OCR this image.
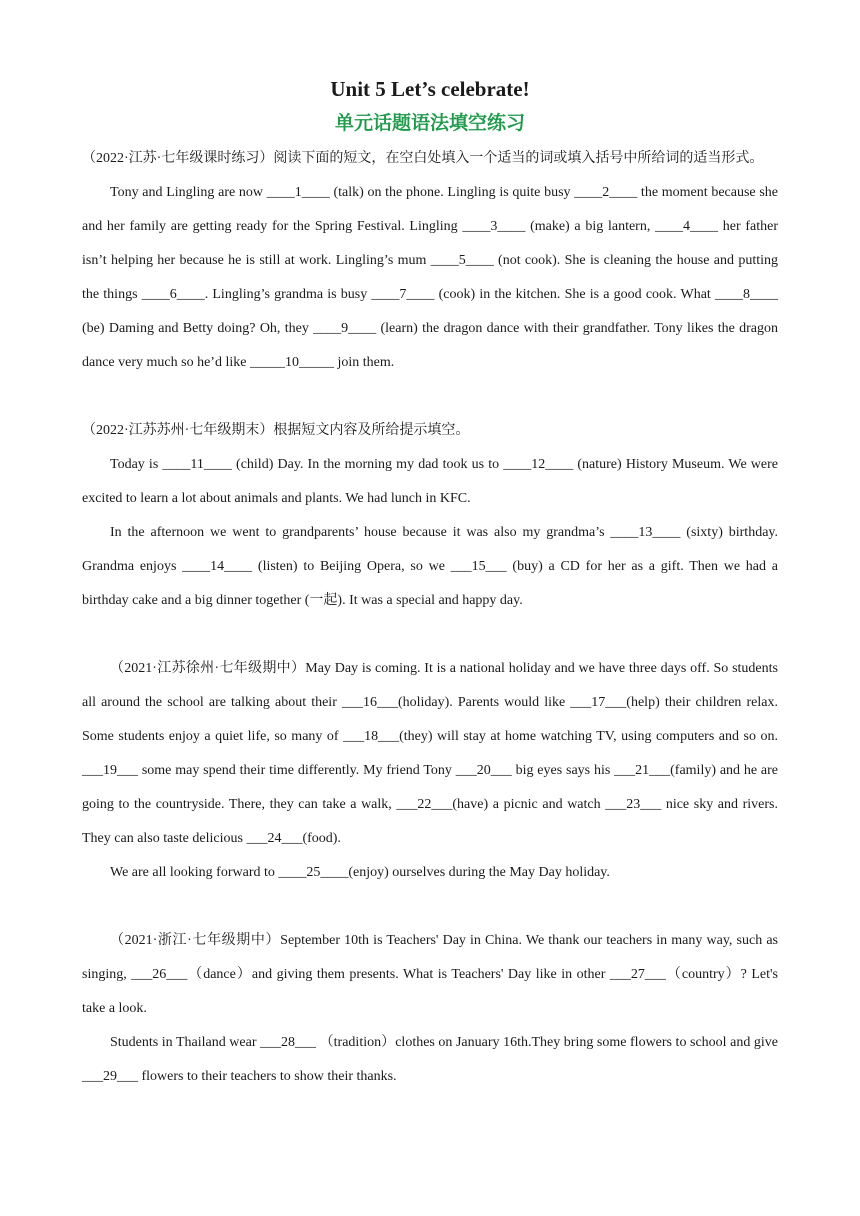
Unit 5 Let’s celebrate!
单元话题语法填空练习

（2022·江苏·七年级课时练习）阅读下面的短文，在空白处填入一个适当的词或填入括号中所给词的适当形式。

Tony and Lingling are now ____1____ (talk) on the phone. Lingling is quite busy ____2____ the moment because she and her family are getting ready for the Spring Festival. Lingling ____3____ (make) a big lantern, ____4____ her father isn’t helping her because he is still at work. Lingling’s mum ____5____ (not cook). She is cleaning the house and putting the things ____6____. Lingling’s grandma is busy ____7____ (cook) in the kitchen. She is a good cook. What ____8____ (be) Daming and Betty doing? Oh, they ____9____ (learn) the dragon dance with their grandfather. Tony likes the dragon dance very much so he’d like _____10_____ join them.

（2022·江苏苏州·七年级期末）根据短文内容及所给提示填空。

Today is ____11____ (child) Day. In the morning my dad took us to ____12____ (nature) History Museum. We were excited to learn a lot about animals and plants. We had lunch in KFC.

In the afternoon we went to grandparents’ house because it was also my grandma’s ____13____ (sixty) birthday. Grandma enjoys ____14____ (listen) to Beijing Opera, so we ___15___ (buy) a CD for her as a gift. Then we had a birthday cake and a big dinner together (一起). It was a special and happy day.

（2021·江苏徐州·七年级期中）May Day is coming. It is a national holiday and we have three days off. So students all around the school are talking about their ___16___(holiday). Parents would like ___17___(help) their children relax. Some students enjoy a quiet life, so many of ___18___(they) will stay at home watching TV, using computers and so on. ___19___ some may spend their time differently. My friend Tony ___20___ big eyes says his ___21___(family) and he are going to the countryside. There, they can take a walk, ___22___(have) a picnic and watch ___23___ nice sky and rivers. They can also taste delicious ___24___(food).

We are all looking forward to ____25____(enjoy) ourselves during the May Day holiday.

（2021·浙江·七年级期中）September 10th is Teachers' Day in China. We thank our teachers in many way, such as singing, ___26___（dance）and giving them presents. What is Teachers' Day like in other ___27___（country）? Let's take a look.

Students in Thailand wear ___28___ （tradition）clothes on January 16th.They bring some flowers to school and give ___29___ flowers to their teachers to show their thanks.
